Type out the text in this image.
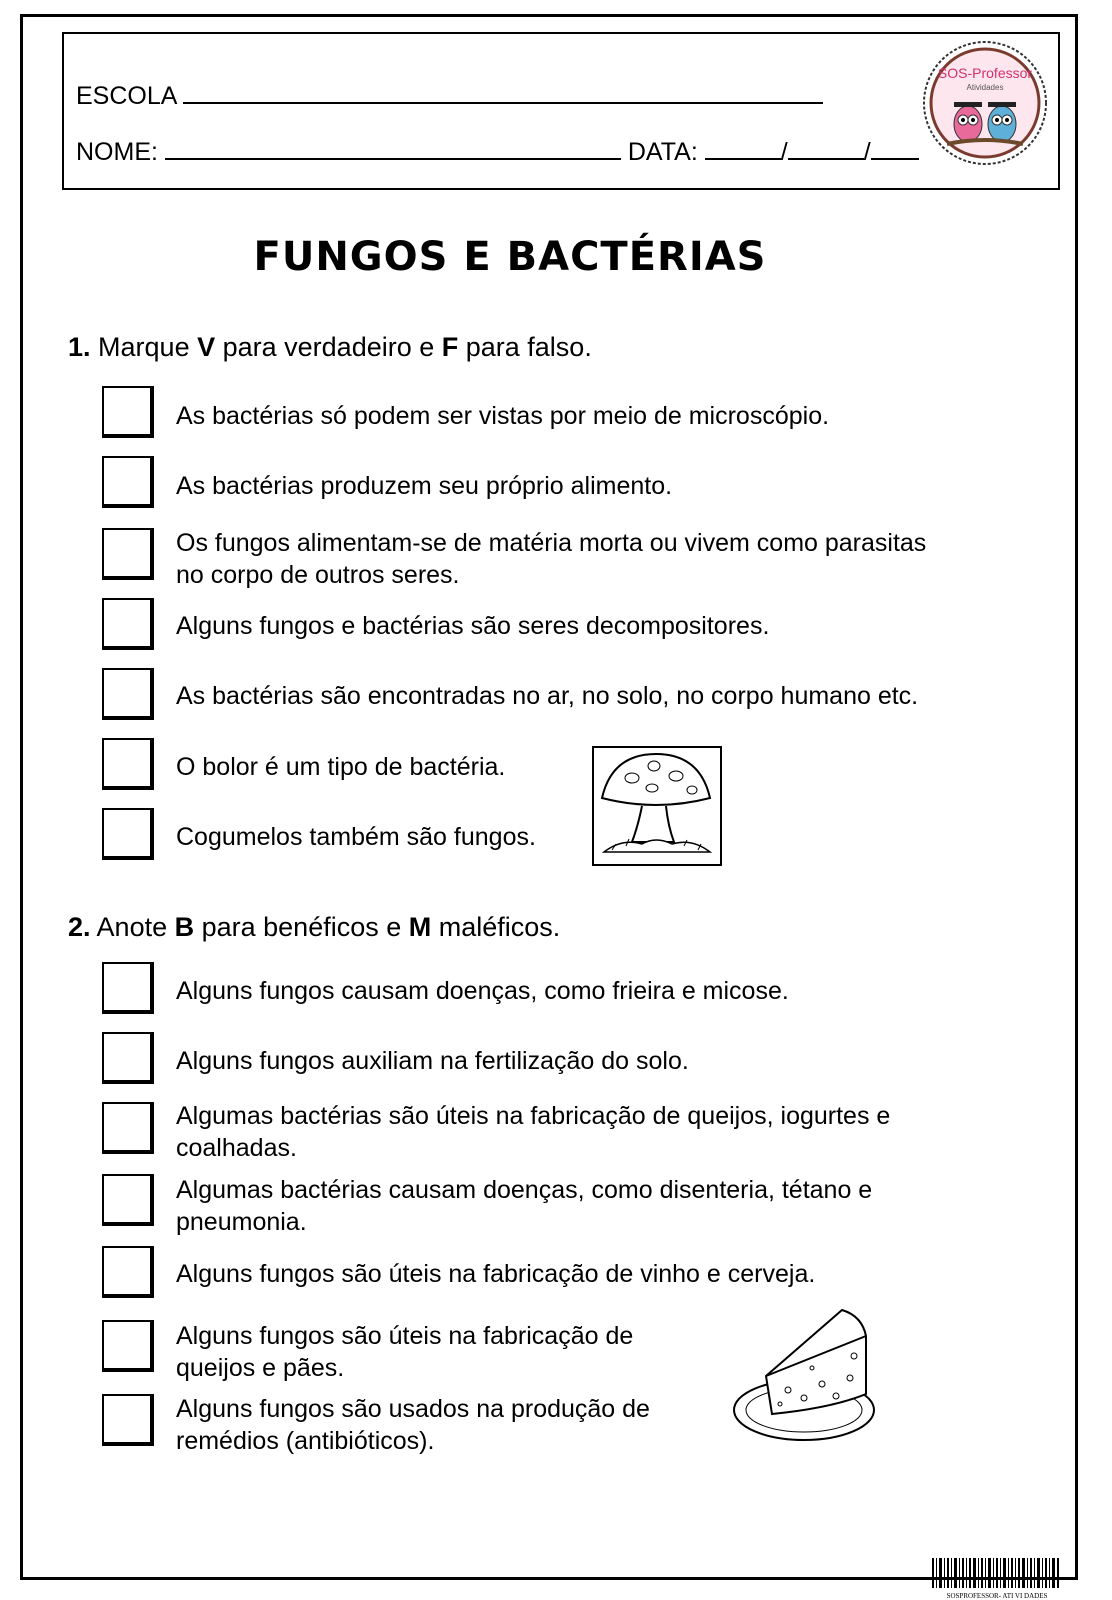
ESCOLA
NOME:	DATA:	/	/
SOS-Professor
Atividades
FUNGOS E BACTÉRIAS
1. Marque V para verdadeiro e F para falso.
As bactérias só podem ser vistas por meio de microscópio.
As bactérias produzem seu próprio alimento.
Os fungos alimentam-se de matéria morta ou vivem como parasitas
no corpo de outros seres.
Alguns fungos e bactérias são seres decompositores.
As bactérias são encontradas no ar, no solo, no corpo humano etc.
O bolor é um tipo de bactéria.
Cogumelos também são fungos.
2. Anote B para benéficos e M maléficos.
Alguns fungos causam doenças, como frieira e micose.
Alguns fungos auxiliam na fertilização do solo.
Algumas bactérias são úteis na fabricação de queijos, iogurtes e
coalhadas.
Algumas bactérias causam doenças, como disenteria, tétano e
pneumonia.
Alguns fungos são úteis na fabricação de vinho e cerveja.
Alguns fungos são úteis na fabricação de
queijos e pães.
Alguns fungos são usados na produção de
remédios (antibióticos).
SOSPROFESSOR- ATI VI DADES
